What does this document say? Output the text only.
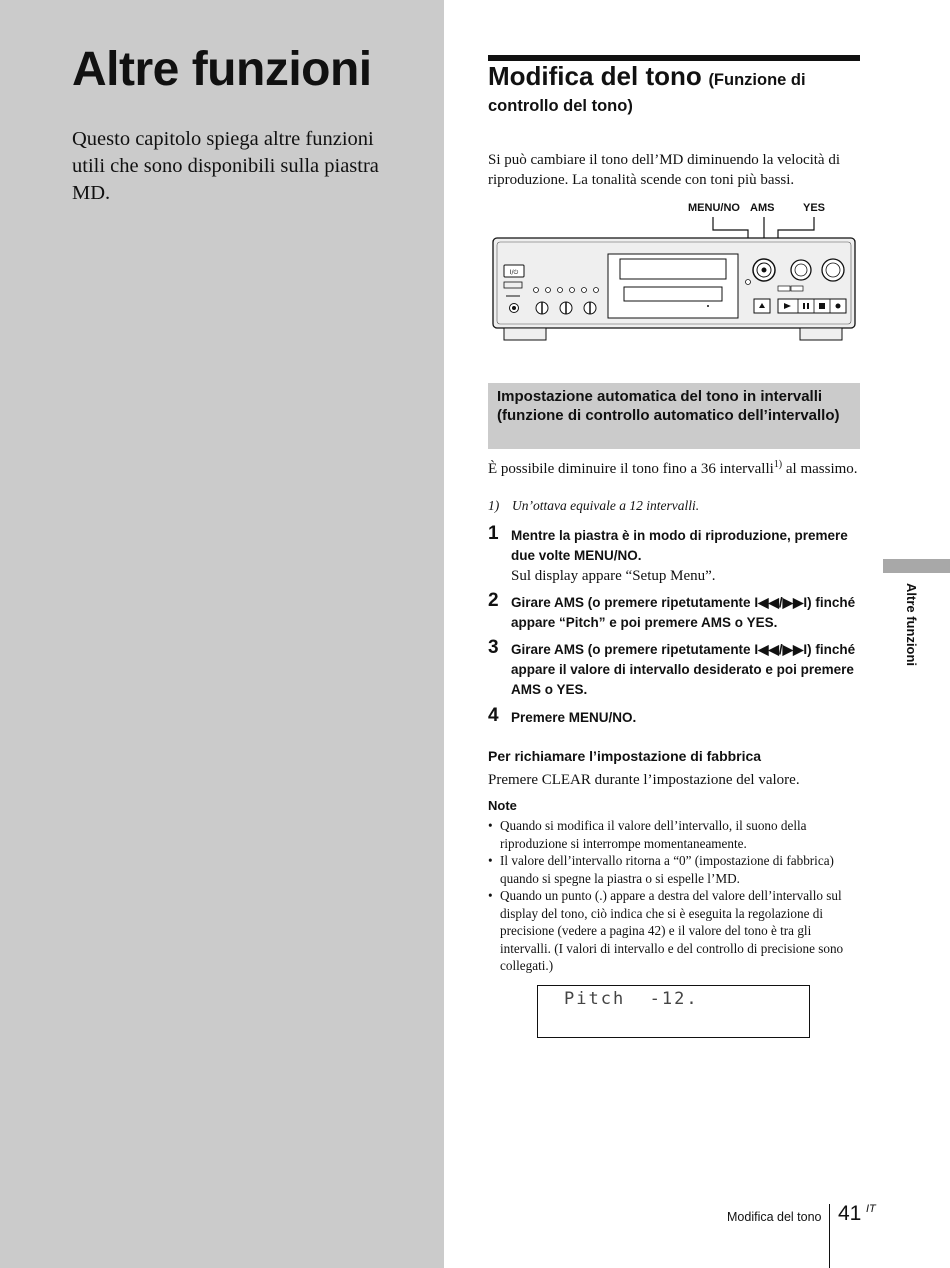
Altre funzioni

Questo capitolo spiega altre funzioni utili che sono disponibili sulla piastra MD.

Modifica del tono (Funzione di controllo del tono)

Si può cambiare il tono dell’MD diminuendo la velocità di riproduzione. La tonalità scende con toni più bassi.

MENU/NO AMS	YES
I/⏻
Impostazione automatica del tono in intervalli (funzione di controllo automatico dell’intervallo)

È possibile diminuire il tono fino a 36 intervalli$^{1)}$ al massimo.

1) Un’ottava equivale a 12 intervalli.

1 Mentre la piastra è in modo di riproduzione, premere due volte MENU/NO.
Sul display appare “Setup Menu”.
2 Girare AMS (o premere ripetutamente I◀◀/▶▶I) finché appare “Pitch” e poi premere AMS o YES.
3 Girare AMS (o premere ripetutamente I◀◀/▶▶I) finché appare il valore di intervallo desiderato e poi premere AMS o YES.
4 Premere MENU/NO.
Per richiamare l’impostazione di fabbrica

Premere CLEAR durante l’impostazione del valore.

Note
• Quando si modifica il valore dell’intervallo, il suono della riproduzione si interrompe momentaneamente.
• Il valore dell’intervallo ritorna a “0” (impostazione di fabbrica) quando si spegne la piastra o si espelle l’MD.
• Quando un punto (.) appare a destra del valore dell’intervallo sul display del tono, ciò indica che si è eseguita la regolazione di precisione (vedere a pagina 42) e il valore del tono è tra gli intervalli. (I valori di intervallo e del controllo di precisione sono collegati.)
Pitch  -12.
Altre funzioni
Modifica del tono 41 IT
